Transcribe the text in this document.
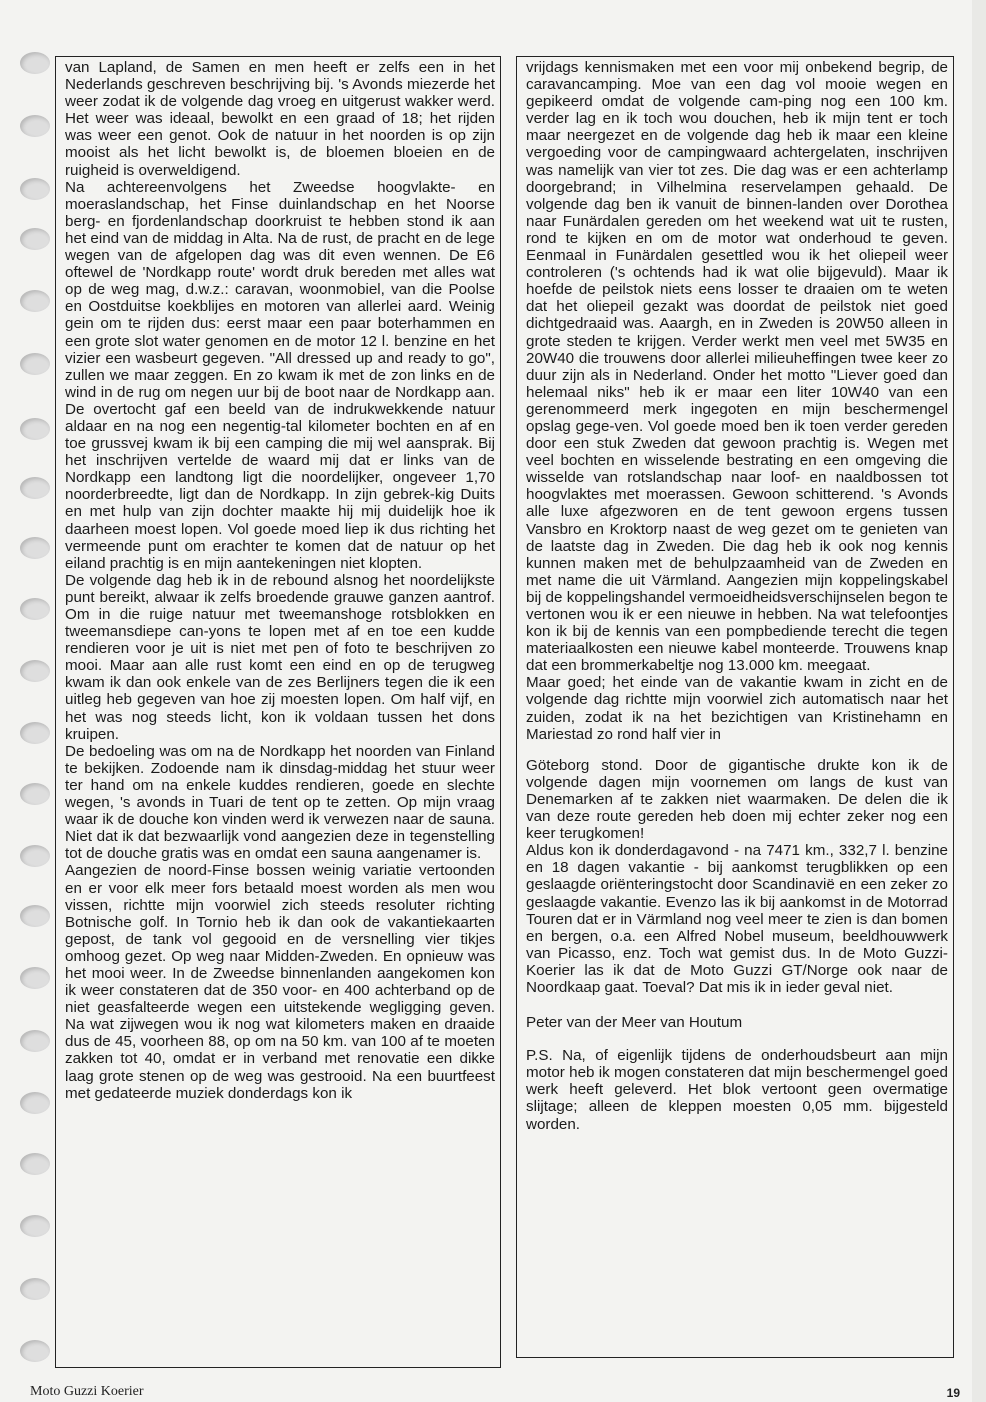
van Lapland, de Samen en men heeft er zelfs een in het Nederlands geschreven beschrijving bij. 's Avonds miezerde het weer zodat ik de volgende dag vroeg en uitgerust wakker werd. Het weer was ideaal, bewolkt en een graad of 18; het rijden was weer een genot. Ook de natuur in het noorden is op zijn mooist als het licht bewolkt is, de bloemen bloeien en de ruigheid is overweldigend.

Na achtereenvolgens het Zweedse hoogvlakte- en moeraslandschap, het Finse duinlandschap en het Noorse berg- en fjordenlandschap doorkruist te hebben stond ik aan het eind van de middag in Alta. Na de rust, de pracht en de lege wegen van de afgelopen dag was dit even wennen. De E6 oftewel de 'Nordkapp route' wordt druk bereden met alles wat op de weg mag, d.w.z.: caravan, woonmobiel, van die Poolse en Oostduitse koekblijes en motoren van allerlei aard. Weinig gein om te rijden dus: eerst maar een paar boterhammen en een grote slot water genomen en de motor 12 l. benzine en het vizier een wasbeurt gegeven. "All dressed up and ready to go", zullen we maar zeggen. En zo kwam ik met de zon links en de wind in de rug om negen uur bij de boot naar de Nordkapp aan. De overtocht gaf een beeld van de indrukwekkende natuur aldaar en na nog een negentig-tal kilometer bochten en af en toe grussvej kwam ik bij een camping die mij wel aansprak. Bij het inschrijven vertelde de waard mij dat er links van de Nordkapp een landtong ligt die noordelijker, ongeveer 1,70 noorderbreedte, ligt dan de Nordkapp. In zijn gebrek-kig Duits en met hulp van zijn dochter maakte hij mij duidelijk hoe ik daarheen moest lopen. Vol goede moed liep ik dus richting het vermeende punt om erachter te komen dat de natuur op het eiland prachtig is en mijn aantekeningen niet klopten.

De volgende dag heb ik in de rebound alsnog het noordelijkste punt bereikt, alwaar ik zelfs broedende grauwe ganzen aantrof. Om in die ruige natuur met tweemanshoge rotsblokken en tweemansdiepe can-yons te lopen met af en toe een kudde rendieren voor je uit is niet met pen of foto te beschrijven zo mooi. Maar aan alle rust komt een eind en op de terugweg kwam ik dan ook enkele van de zes Berlijners tegen die ik een uitleg heb gegeven van hoe zij moesten lopen. Om half vijf, en het was nog steeds licht, kon ik voldaan tussen het dons kruipen.

De bedoeling was om na de Nordkapp het noorden van Finland te bekijken. Zodoende nam ik dinsdag-middag het stuur weer ter hand om na enkele kuddes rendieren, goede en slechte wegen, 's avonds in Tuari de tent op te zetten. Op mijn vraag waar ik de douche kon vinden werd ik verwezen naar de sauna. Niet dat ik dat bezwaarlijk vond aangezien deze in tegenstelling tot de douche gratis was en omdat een sauna aangenamer is.

Aangezien de noord-Finse bossen weinig variatie vertoonden en er voor elk meer fors betaald moest worden als men wou vissen, richtte mijn voorwiel zich steeds resoluter richting Botnische golf. In Tornio heb ik dan ook de vakantiekaarten gepost, de tank vol gegooid en de versnelling vier tikjes omhoog gezet. Op weg naar Midden-Zweden. En opnieuw was het mooi weer. In de Zweedse binnenlanden aangekomen kon ik weer constateren dat de 350 voor- en 400 achterband op de niet geasfalteerde wegen een uitstekende wegligging geven. Na wat zijwegen wou ik nog wat kilometers maken en draaide dus de 45, voorheen 88, op om na 50 km. van 100 af te moeten zakken tot 40, omdat er in verband met renovatie een dikke laag grote stenen op de weg was gestrooid. Na een buurtfeest met gedateerde muziek donderdags kon ik

vrijdags kennismaken met een voor mij onbekend begrip, de caravancamping. Moe van een dag vol mooie wegen en gepikeerd omdat de volgende cam-ping nog een 100 km. verder lag en ik toch wou douchen, heb ik mijn tent er toch maar neergezet en de volgende dag heb ik maar een kleine vergoeding voor de campingwaard achtergelaten, inschrijven was namelijk van vier tot zes. Die dag was er een achterlamp doorgebrand; in Vilhelmina reservelampen gehaald. De volgende dag ben ik vanuit de binnen-landen over Dorothea naar Funärdalen gereden om het weekend wat uit te rusten, rond te kijken en om de motor wat onderhoud te geven. Eenmaal in Funärdalen gesettled wou ik het oliepeil weer controleren ('s ochtends had ik wat olie bijgevuld). Maar ik hoefde de peilstok niets eens losser te draaien om te weten dat het oliepeil gezakt was doordat de peilstok niet goed dichtgedraaid was. Aaargh, en in Zweden is 20W50 alleen in grote steden te krijgen. Verder werkt men veel met 5W35 en 20W40 die trouwens door allerlei milieuheffingen twee keer zo duur zijn als in Nederland. Onder het motto "Liever goed dan helemaal niks" heb ik er maar een liter 10W40 van een gerenommeerd merk ingegoten en mijn beschermengel opslag gege-ven. Vol goede moed ben ik toen verder gereden door een stuk Zweden dat gewoon prachtig is. Wegen met veel bochten en wisselende bestrating en een omgeving die wisselde van rotslandschap naar loof- en naaldbossen tot hoogvlaktes met moerassen. Gewoon schitterend. 's Avonds alle luxe afgezworen en de tent gewoon ergens tussen Vansbro en Kroktorp naast de weg gezet om te genieten van de laatste dag in Zweden. Die dag heb ik ook nog kennis kunnen maken met de behulpzaamheid van de Zweden en met name die uit Värmland. Aangezien mijn koppelingskabel bij de koppelingshandel vermoeidheidsverschijnselen begon te vertonen wou ik er een nieuwe in hebben. Na wat telefoontjes kon ik bij de kennis van een pompbediende terecht die tegen materiaalkosten een nieuwe kabel monteerde. Trouwens knap dat een brommerkabeltje nog 13.000 km. meegaat.

Maar goed; het einde van de vakantie kwam in zicht en de volgende dag richtte mijn voorwiel zich automatisch naar het zuiden, zodat ik na het bezichtigen van Kristinehamn en Mariestad zo rond half vier in

Göteborg stond. Door de gigantische drukte kon ik de volgende dagen mijn voornemen om langs de kust van Denemarken af te zakken niet waarmaken. De delen die ik van deze route gereden heb doen mij echter zeker nog een keer terugkomen!

Aldus kon ik donderdagavond - na 7471 km., 332,7 l. benzine en 18 dagen vakantie - bij aankomst terugblikken op een geslaagde oriënteringstocht door Scandinavië en een zeker zo geslaagde vakantie. Evenzo las ik bij aankomst in de Motorrad Touren dat er in Värmland nog veel meer te zien is dan bomen en bergen, o.a. een Alfred Nobel museum, beeldhouwwerk van Picasso, enz. Toch wat gemist dus. In de Moto Guzzi-Koerier las ik dat de Moto Guzzi GT/Norge ook naar de Noordkaap gaat. Toeval? Dat mis ik in ieder geval niet.

Peter van der Meer van Houtum

P.S. Na, of eigenlijk tijdens de onderhoudsbeurt aan mijn motor heb ik mogen constateren dat mijn beschermengel goed werk heeft geleverd. Het blok vertoont geen overmatige slijtage; alleen de kleppen moesten 0,05 mm. bijgesteld worden.

Moto Guzzi Koerier	19
